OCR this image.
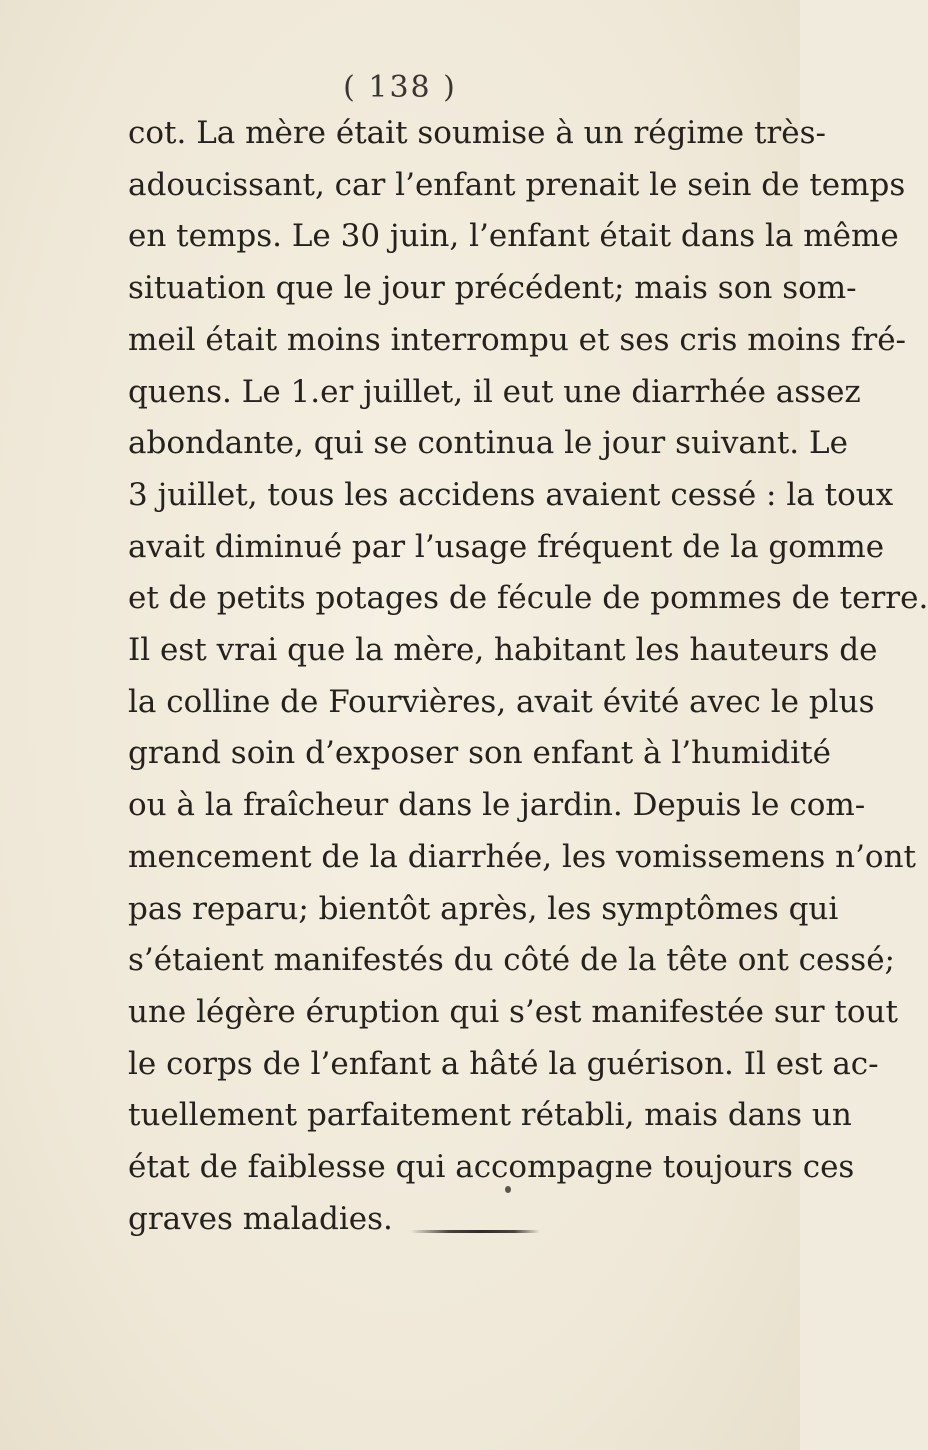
( 138 )
cot. La mère était soumise à un régime très-
adoucissant, car l’enfant prenait le sein de temps
en temps. Le 30 juin, l’enfant était dans la même
situation que le jour précédent; mais son som-
meil était moins interrompu et ses cris moins fré-
quens. Le 1.er juillet, il eut une diarrhée assez
abondante, qui se continua le jour suivant. Le
3 juillet, tous les accidens avaient cessé : la toux
avait diminué par l’usage fréquent de la gomme
et de petits potages de fécule de pommes de terre.
Il est vrai que la mère, habitant les hauteurs de
la colline de Fourvières, avait évité avec le plus
grand soin d’exposer son enfant à l’humidité
ou à la fraîcheur dans le jardin. Depuis le com-
mencement de la diarrhée, les vomissemens n’ont
pas reparu; bientôt après, les symptômes qui
s’étaient manifestés du côté de la tête ont cessé;
une légère éruption qui s’est manifestée sur tout
le corps de l’enfant a hâté la guérison. Il est ac-
tuellement parfaitement rétabli, mais dans un
état de faiblesse qui accompagne toujours ces
graves maladies.
